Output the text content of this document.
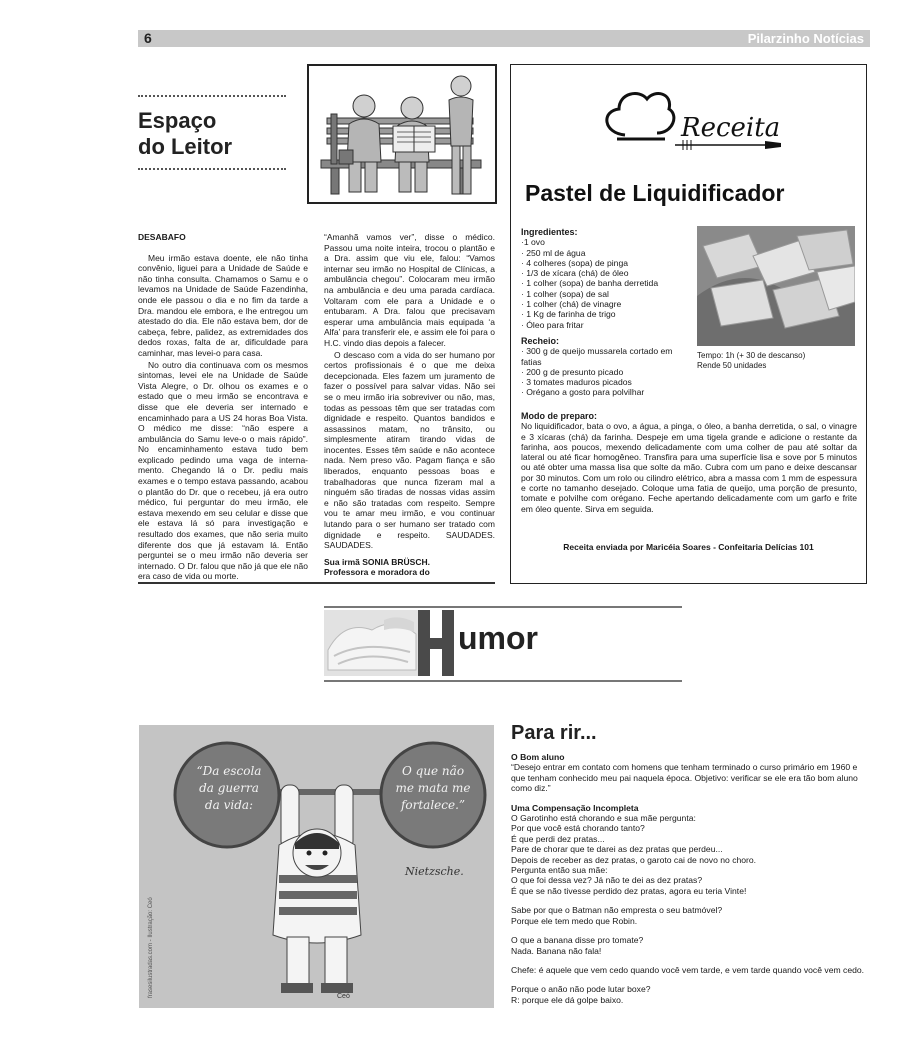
6	Pilarzinho Notícias
Espaço
do Leitor

DESABAFO

Meu irmão estava doente, ele não tinha convênio, liguei para a Unidade de Saúde e não tinha consulta. Chamamos o Samu e o levamos na Unidade de Saúde Fazendinha, onde ele passou o dia e no fim da tarde a Dra. mandou ele embora, e lhe entregou um atestado do dia. Ele não estava bem, dor de cabeça, febre, palidez, as extremidades dos dedos roxas, falta de ar, dificuldade para caminhar, mas levei-o para casa.

No outro dia continuava com os mesmos sintomas, levei ele na Unidade de Saúde Vista Alegre, o Dr. olhou os exames e o estado que o meu irmão se encontrava e disse que ele deveria ser internado e encaminhado para a US 24 horas Boa Vista. O médico me disse: “não espere a ambulância do Samu leve-o o mais rápido”. No encaminhamento estava tudo bem explicado pedindo uma vaga de interna-mento. Chegando lá o Dr. pediu mais exames e o tempo estava passando, acabou o plantão do Dr. que o recebeu, já era outro médico, fui perguntar do meu irmão, ele estava mexendo em seu celular e disse que ele estava lá só para investigação e resultado dos exames, que não seria muito diferente dos que já estavam lá. Então perguntei se o meu irmão não deveria ser internado. O Dr. falou que não já que ele não era caso de vida ou morte.

“Amanhã vamos ver”, disse o médico. Passou uma noite inteira, trocou o plantão e a Dra. assim que viu ele, falou: “Vamos internar seu irmão no Hospital de Clínicas, a ambulância chegou”. Colocaram meu irmão na ambulância e deu uma parada cardíaca. Voltaram com ele para a Unidade e o entubaram. A Dra. falou que precisavam esperar uma ambulância mais equipada ‘a Alfa’ para transferir ele, e assim ele foi para o H.C. vindo dias depois a falecer.

O descaso com a vida do ser humano por certos profissionais é o que me deixa decepcionada. Eles fazem um juramento de fazer o possível para salvar vidas. Não sei se o meu irmão iria sobreviver ou não, mas, todas as pessoas têm que ser tratadas com dignidade e respeito. Quantos bandidos e assassinos matam, no trânsito, ou simplesmente atiram tirando vidas de inocentes. Esses têm saúde e não acontece nada. Nem preso vão. Pagam fiança e são liberados, enquanto pessoas boas e trabalhadoras que nunca fizeram mal a ninguém são tiradas de nossas vidas assim e não são tratadas com respeito. Sempre vou te amar meu irmão, e vou continuar lutando para o ser humano ser tratado com dignidade e respeito. SAUDADES. SAUDADES.

Sua irmã SONIA BRÜSCH.
Professora e moradora do

Receita
Pastel de Liquidificador
Ingredientes:
·1 ovo
· 250 ml de água
· 4 colheres (sopa) de pinga
· 1/3 de xícara (chá) de óleo
· 1 colher (sopa) de banha derretida
· 1 colher (sopa) de sal
· 1 colher (chá) de vinagre
· 1 Kg de farinha de trigo
· Óleo para fritar
Recheio:
· 300 g de queijo mussarela cortado em
fatias
· 200 g de presunto picado
· 3 tomates maduros picados
· Orégano a gosto para polvilhar
Tempo: 1h (+ 30 de descanso)
Rende 50 unidades
Modo de preparo:
No liquidificador, bata o ovo, a água, a pinga, o óleo, a banha derretida, o sal, o vinagre e 3 xícaras (chá) da farinha. Despeje em uma tigela grande e adicione o restante da farinha, aos poucos, mexendo delicadamente com uma colher de pau até soltar da lateral ou até ficar homogêneo. Transfira para uma superfície lisa e sove por 5 minutos ou até obter uma massa lisa que solte da mão. Cubra com um pano e deixe descansar por 30 minutos. Com um rolo ou cilindro elétrico, abra a massa com 1 mm de espessura e corte no tamanho desejado. Coloque uma fatia de queijo, uma porção de presunto, tomate e polvilhe com orégano. Feche apertando delicadamente com um garfo e frite em óleo quente. Sirva em seguida.
Receita enviada por Maricéia Soares - Confeitaria Delícias 101
umor
“Da escola
da guerra
da vida:
O que não
me mata me
fortalece.”
Nietzsche.
frasesilustradas.com - Ilustração: Ceó	Ceó
Para rir...

O Bom aluno

“Desejo entrar em contato com homens que tenham terminado o curso primário em 1960 e que tenham conhecido meu pai naquela época. Objetivo: verificar se ele era tão bom aluno como diz.”

Uma Compensação Incompleta

O Garotinho está chorando e sua mãe pergunta:

Por que você está chorando tanto?

É que perdi dez pratas...

Pare de chorar que te darei as dez pratas que perdeu...

Depois de receber as dez pratas, o garoto cai de novo no choro.

Pergunta então sua mãe:

O que foi dessa vez? Já não te dei as dez pratas?

É que se não tivesse perdido dez pratas, agora eu teria Vinte!

Sabe por que o Batman não empresta o seu batmóvel?

Porque ele tem medo que Robin.

O que a banana disse pro tomate?

Nada. Banana não fala!

Chefe: é aquele que vem cedo quando você vem tarde, e vem tarde quando você vem cedo.

Porque o anão não pode lutar boxe?

R: porque ele dá golpe baixo.
